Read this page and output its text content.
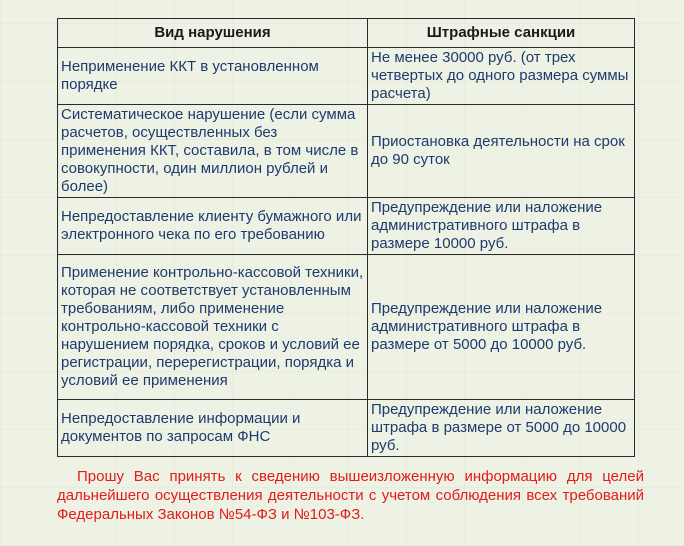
Вид нарушения	Штрафные санкции
Неприменение ККТ в установленном порядке	Не менее 30000 руб. (от трех четвертых до одного размера суммы расчета)
Систематическое нарушение (если сумма расчетов, осуществленных без применения ККТ, составила, в том числе в совокупности, один миллион рублей и более)	Приостановка деятельности на срок до 90 суток
Непредоставление клиенту бумажного или электронного чека по его требованию	Предупреждение или наложение административного штрафа в размере 10000 руб.
Применение контрольно-кассовой техники, которая не соответствует установленным требованиям, либо применение контрольно-кассовой техники с нарушением порядка, сроков и условий ее регистрации, перерегистрации, порядка и условий ее применения	Предупреждение или наложение административного штрафа в размере от 5000 до 10000 руб.
Непредоставление информации и документов по запросам ФНС	Предупреждение или наложение штрафа в размере от 5000 до 10000 руб.

Прошу Вас принять к сведению вышеизложенную информацию для целей дальнейшего осуществления деятельности с учетом соблюдения всех требований Федеральных Законов №54-ФЗ и №103-ФЗ.
